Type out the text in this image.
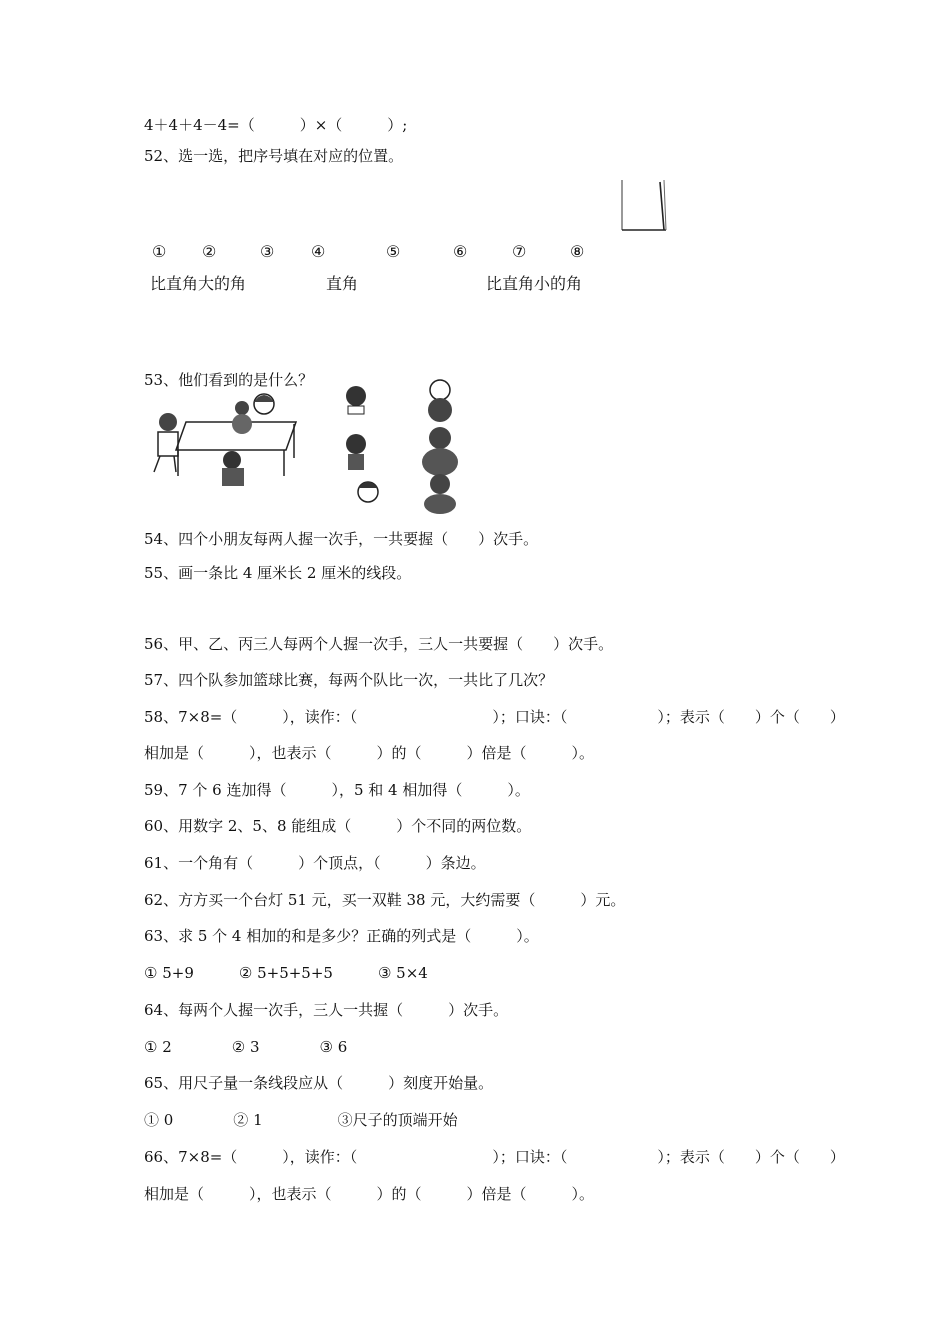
4＋4＋4－4=（　　　）×（　　　）;
52、选一选，把序号填在对应的位置。
① ②	③ ④	⑤	⑥	⑦	⑧
比直角大的角	直角	比直角小的角
53、他们看到的是什么？
54、四个小朋友每两人握一次手，一共要握（　　）次手。
55、画一条比 4 厘米长 2 厘米的线段。
56、甲、乙、丙三人每两个人握一次手，三人一共要握（　　）次手。
57、四个队参加篮球比赛，每两个队比一次，一共比了几次？
58、7×8=（　　　），读作：（　　　　　　　　　）；口诀：（　　　　　　）；表示（　　）个（　　）
相加是（　　　），也表示（　　　）的（　　　）倍是（　　　）。
59、7 个 6 连加得（　　　），5 和 4 相加得（　　　）。
60、用数字 2、5、8 能组成（　　　）个不同的两位数。
61、一个角有（　　　）个顶点，（　　　）条边。
62、方方买一个台灯 51 元，买一双鞋 38 元，大约需要（　　　）元。
63、求 5 个 4 相加的和是多少？正确的列式是（　　　）。
① 5+9　　　② 5+5+5+5　　　③ 5×4
64、每两个人握一次手，三人一共握（　　　）次手。
① 2　　　　② 3　　　　③ 6
65、用尺子量一条线段应从（　　　）刻度开始量。
① 0　　　　② 1　　　　　③尺子的顶端开始
66、7×8=（　　　），读作：（　　　　　　　　　）；口诀：（　　　　　　）；表示（　　）个（　　）
相加是（　　　），也表示（　　　）的（　　　）倍是（　　　）。
